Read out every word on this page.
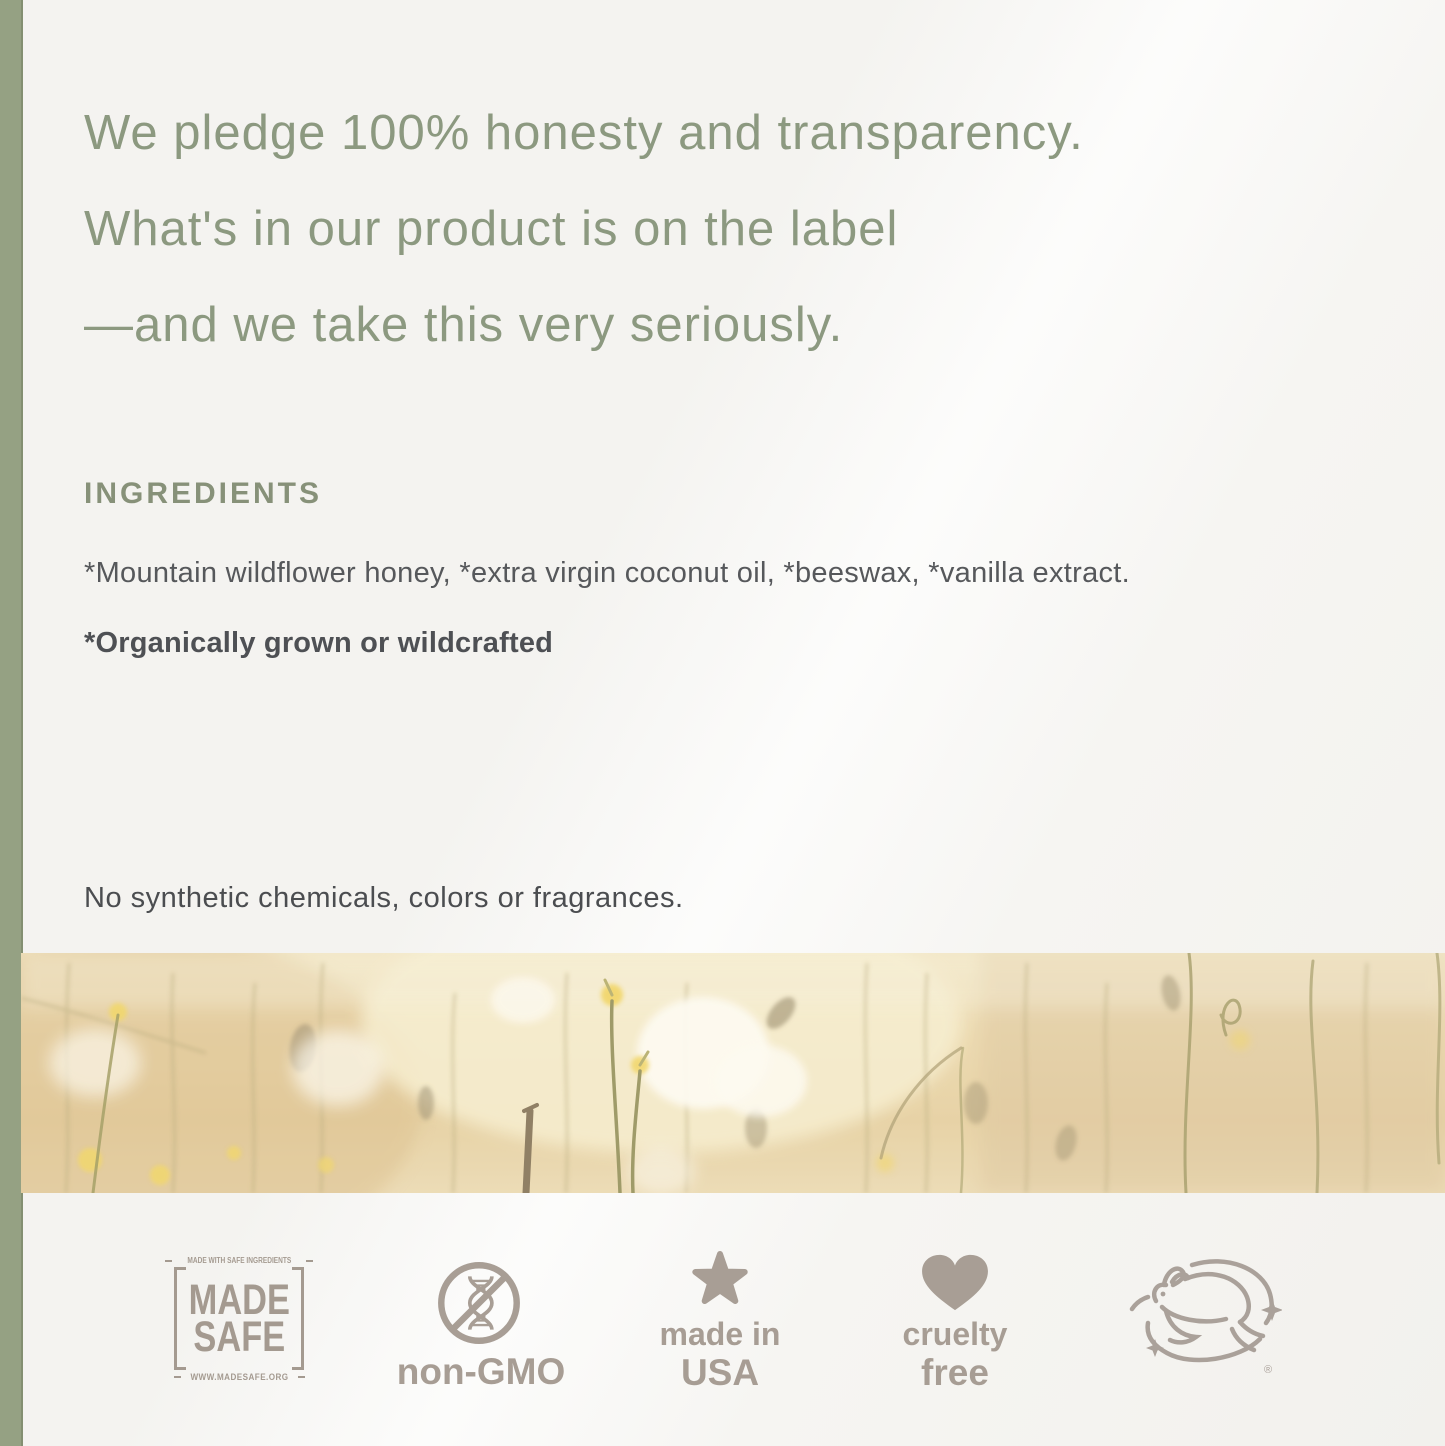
We pledge 100% honesty and transparency.
What's in our product is on the label
—and we take this very seriously.
INGREDIENTS
*Mountain wildflower honey, *extra virgin coconut oil, *beeswax, *vanilla extract.
*Organically grown or wildcrafted
No synthetic chemicals, colors or fragrances.
MADE WITH SAFE INGREDIENTS
MADE
SAFE
WWW.MADESAFE.ORG	non-GMO
made in
USA
cruelty
free	®
